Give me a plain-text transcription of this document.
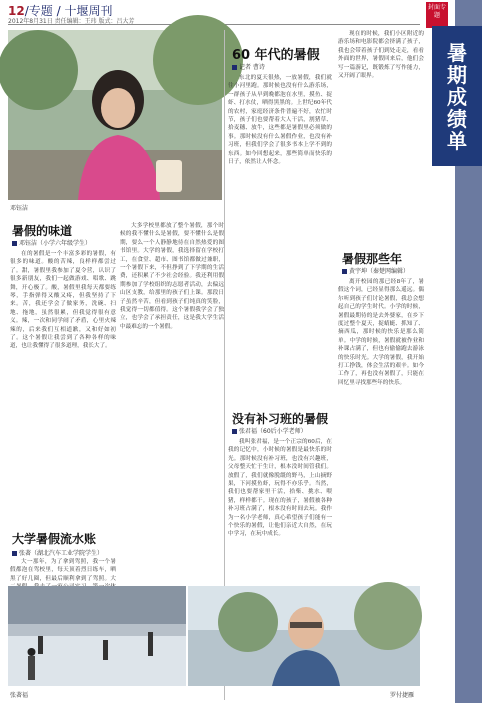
12/专题 / 十堰周刊
2012年8月31日 责任编辑：王玮 版式：吕大芳
封面专题
暑期成绩单
邓钰洁
60 年代的暑假
记者 曹诗

东北的夏天很热，一放暑假，我们就往小河里跑。那时候也没有什么游乐场，一群孩子从早到晚都泡在水里，摸鱼、捉虾、打水仗，晒得黑黑的。上世纪60年代的农村，家庭经济条件普遍不好，农忙时节，孩子们也要帮着大人干活，割猪草、拾麦穗、放牛，这些都是暑假里必须做的事。那时候没有什么暑假作业，也没有补习班，但我们学会了很多书本上学不到的东西。如今回想起来，那些简单而快乐的日子，依然让人怀念。

现在的时候，我们小区附近的游乐场和电影院都会挤满了孩子，我也会带着孩子们到处走走，看看外面的世界，暑假回来后，他们会写一篇游记，既锻炼了写作能力，又开阔了眼界。

暑假的味道
邓钰洁（小学六年级学生）

在的暑假是一个丰富多彩的暑假，有很多的味道。酸的苦辣，良样样都尝过了。甜，暑假里我参加了夏令营，认识了很多新朋友，我们一起做游戏、唱歌、跳舞，开心极了。酸，暑假里我每天都要练琴，手指弹得又酸又疼，但我坚持了下来。苦，我还学会了做家务，洗碗、扫地、拖地，虽然很累，但我觉得很有意义。辣，一次和同学闹了矛盾，心里火辣辣的，后来我们互相道歉，又和好如初了。这个暑假让我尝到了各种各样的味道，也让我懂得了很多道理，我长大了。

大多学校里都放了整个暑假，那个时候的我不懂什么是暑假，要不懂什么是假期，要么一个人静静地待在自然热爱的图书馆里。大学的暑假，我选择留在学校打工，在食堂、超市、图书馆都做过兼职，一个暑假下来，不但挣到了下学期的生活费，还积累了不少社会经验。我还利用假期参加了学校组织的志愿者活动，去偏远山区支教，给那里的孩子们上课。那段日子虽然辛苦，但看到孩子们纯真的笑脸，我觉得一切都值得。这个暑假我学会了独立，也学会了承担责任，这是我大学生活中最难忘的一个暑假。

大学暑假流水账
张著（湖北汽车工业学院学生）

大一那年，为了拿到驾照，我一个暑假都泡在驾校里，每天顶着烈日练车，晒黑了好几圈，但最后顺利拿到了驾照。大

张著福
没有补习班的暑假
张君福（60后小学老师）

我叫张君福，是一个正宗的60后，在我的记忆中，小时候的暑假是最快乐的时光。那时候没有补习班，也没有兴趣班，父母整天忙于生计，根本没时间管我们。放假了，我们就像脱缰的野马，上山摘野果，下河摸鱼虾，玩得不亦乐乎。当然，我们也要帮家里干活，拾柴、挑水、喂猪，样样都干。现在的孩子，暑假被各种补习班占满了，根本没有时间去玩。我作为一名小学老师，真心希望孩子们能有一个快乐的暑假，让他们亲近大自然，在玩中学习，在玩中成长。

暑假那些年
黄宇坤（秦楚网编辑）

离开校园的那已经8年了，暑假这个词，已经显得那么遥远。偶尔听到孩子们讨论暑假，我总会想起自己的学生时代。小学的时候，暑假最期待的是去外婆家，在乡下度过整个夏天，捉蜻蜓、抓知了、摘西瓜，那时候的快乐是那么简单。中学的时候，暑假就被作业和补课占满了，但也有偷偷跑去游泳的快乐时光。大学的暑假，我开始打工挣钱，体会生活的艰辛。如今工作了，再也没有暑假了，只能在回忆里寻找那些年的快乐。

罗付捷雁
